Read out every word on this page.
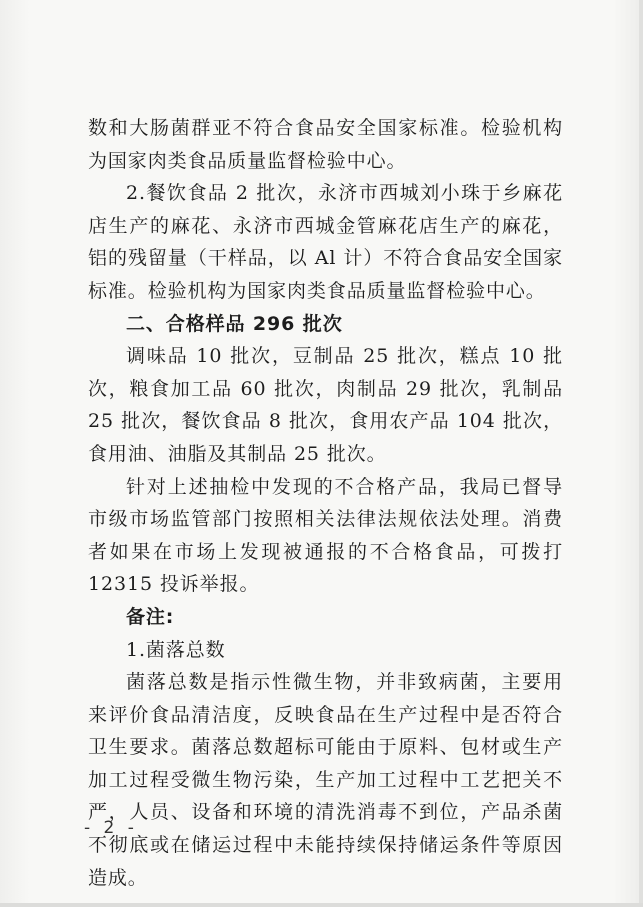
数和大肠菌群亚不符合食品安全国家标准。检验机构为国家肉类食品质量监督检验中心。

2.餐饮食品 2 批次，永济市西城刘小珠于乡麻花店生产的麻花、永济市西城金管麻花店生产的麻花，铝的残留量（干样品，以 Al 计）不符合食品安全国家标准。检验机构为国家肉类食品质量监督检验中心。

二、合格样品 296 批次

调味品 10 批次，豆制品 25 批次，糕点 10 批次，粮食加工品 60 批次，肉制品 29 批次，乳制品 25 批次，餐饮食品 8 批次，食用农产品 104 批次，食用油、油脂及其制品 25 批次。

针对上述抽检中发现的不合格产品，我局已督导市级市场监管部门按照相关法律法规依法处理。消费者如果在市场上发现被通报的不合格食品，可拨打 12315 投诉举报。

备注:

1.菌落总数

菌落总数是指示性微生物，并非致病菌，主要用来评价食品清洁度，反映食品在生产过程中是否符合卫生要求。菌落总数超标可能由于原料、包材或生产加工过程受微生物污染，生产加工过程中工艺把关不严，人员、设备和环境的清洗消毒不到位，产品杀菌不彻底或在储运过程中未能持续保持储运条件等原因造成。

- 2 -
